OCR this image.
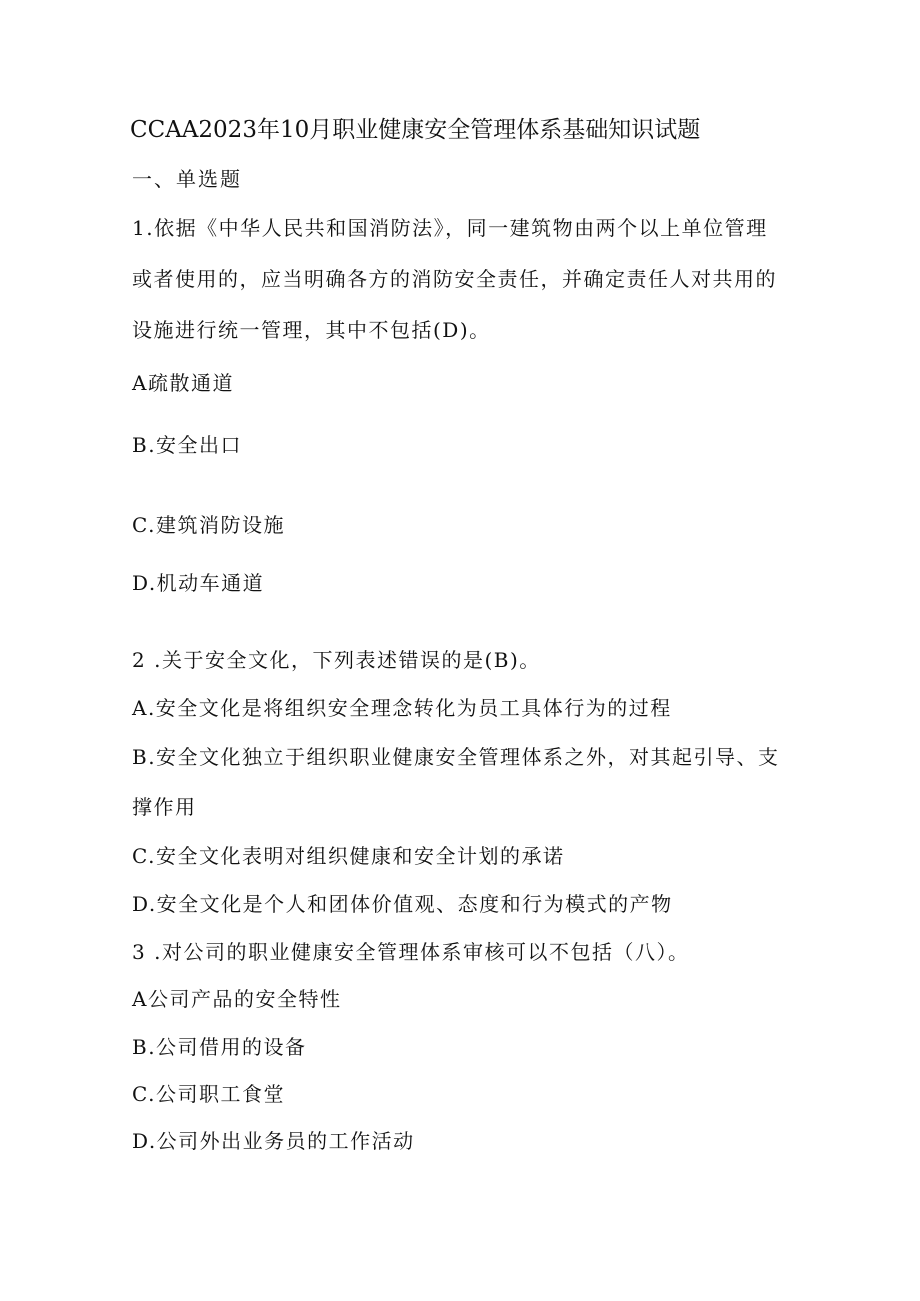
CCAA2023年10月职业健康安全管理体系基础知识试题
一、单选题
1.依据《中华人民共和国消防法》，同一建筑物由两个以上单位管理
或者使用的，应当明确各方的消防安全责任，并确定责任人对共用的
设施进行统一管理，其中不包括(D)。
A疏散通道
B.安全出口
C.建筑消防设施
D.机动车通道
2 .关于安全文化，下列表述错误的是(B)。
A.安全文化是将组织安全理念转化为员工具体行为的过程
B.安全文化独立于组织职业健康安全管理体系之外，对其起引导、支
撑作用
C.安全文化表明对组织健康和安全计划的承诺
D.安全文化是个人和团体价值观、态度和行为模式的产物
3 .对公司的职业健康安全管理体系审核可以不包括（八）。
A公司产品的安全特性
B.公司借用的设备
C.公司职工食堂
D.公司外出业务员的工作活动
